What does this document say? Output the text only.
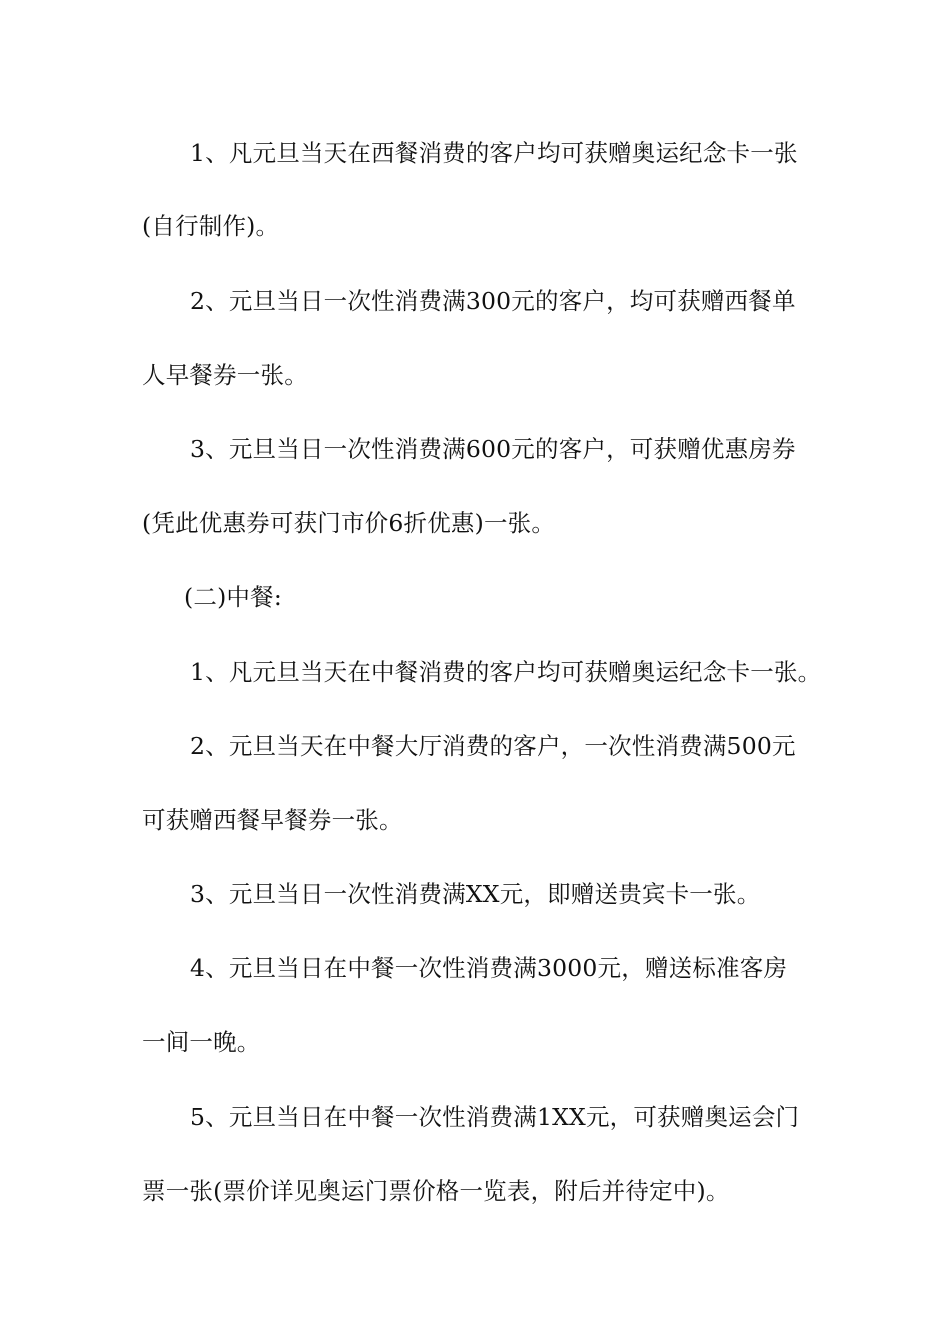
1、凡元旦当天在西餐消费的客户均可获赠奥运纪念卡一张
(自行制作)。
2、元旦当日一次性消费满300元的客户，均可获赠西餐单
人早餐券一张。
3、元旦当日一次性消费满600元的客户，可获赠优惠房券
(凭此优惠券可获门市价6折优惠)一张。
(二)中餐:
1、凡元旦当天在中餐消费的客户均可获赠奥运纪念卡一张。
2、元旦当天在中餐大厅消费的客户，一次性消费满500元
可获赠西餐早餐券一张。
3、元旦当日一次性消费满XX元，即赠送贵宾卡一张。
4、元旦当日在中餐一次性消费满3000元，赠送标准客房
一间一晚。
5、元旦当日在中餐一次性消费满1XX元，可获赠奥运会门
票一张(票价详见奥运门票价格一览表，附后并待定中)。
